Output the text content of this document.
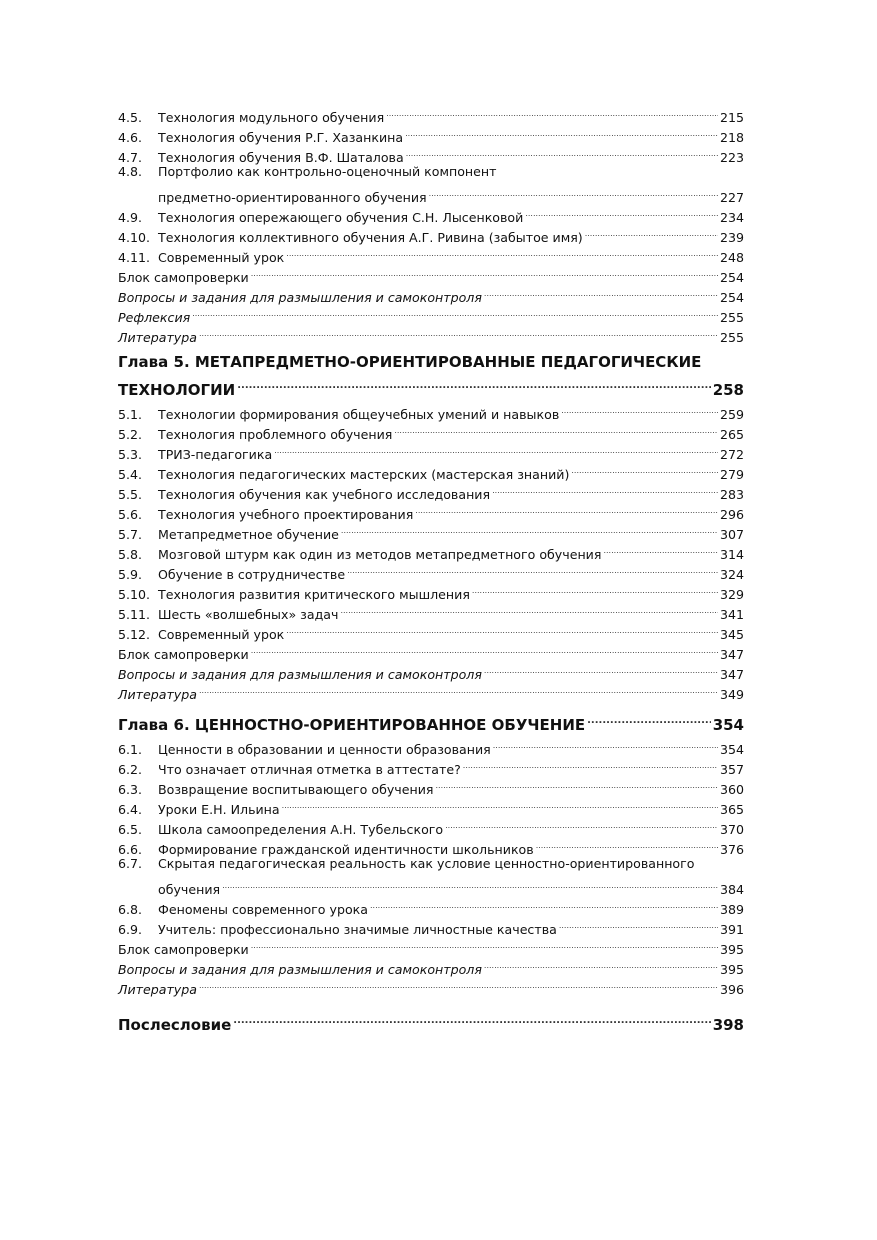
4.5.	Технология модульного обучения .....	215
4.6.	Технология обучения Р.Г. Хазанкина .....	218
4.7.	Технология обучения В.Ф. Шаталова .....	223
4.8.	Портфолио как контрольно-оценочный компонент
предметно-ориентированного обучения .....	227
4.9.	Технология опережающего обучения С.Н. Лысенковой .....	234
4.10. Технология коллективного обучения А.Г. Ривина (забытое имя) .....	239
4.11. Современный урок .....	248
Блок самопроверки .....	254
Вопросы и задания для размышления и самоконтроля .....	254
Рефлексия .....	255
Литература .....	255
Глава 5. МЕТАПРЕДМЕТНО-ОРИЕНТИРОВАННЫЕ ПЕДАГОГИЧЕСКИЕ
ТЕХНОЛОГИИ .....	258
5.1.	Технологии формирования общеучебных умений и навыков .....	259
5.2.	Технология проблемного обучения .....	265
5.3.	ТРИЗ-педагогика .....	272
5.4.	Технология педагогических мастерских (мастерская знаний) .....	279
5.5.	Технология обучения как учебного исследования .....	283
5.6.	Технология учебного проектирования .....	296
5.7.	Метапредметное обучение .....	307
5.8.	Мозговой штурм как один из методов метапредметного обучения .....	314
5.9.	Обучение в сотрудничестве .....	324
5.10. Технология развития критического мышления .....	329
5.11. Шесть «волшебных» задач .....	341
5.12. Современный урок .....	345
Блок самопроверки .....	347
Вопросы и задания для размышления и самоконтроля .....	347
Литература .....	349
Глава 6. ЦЕННОСТНО-ОРИЕНТИРОВАННОЕ ОБУЧЕНИЕ .....	354
6.1.	Ценности в образовании и ценности образования .....	354
6.2.	Что означает отличная отметка в аттестате? .....	357
6.3.	Возвращение воспитывающего обучения .....	360
6.4.	Уроки Е.Н. Ильина .....	365
6.5.	Школа самоопределения А.Н. Тубельского .....	370
6.6.	Формирование гражданской идентичности школьников .....	376
6.7.	Скрытая педагогическая реальность как условие ценностно-ориентированного
обучения .....	384
6.8.	Феномены современного урока .....	389
6.9.	Учитель: профессионально значимые личностные качества .....	391
Блок самопроверки .....	395
Вопросы и задания для размышления и самоконтроля .....	395
Литература .....	396
Послесловие .....	398
